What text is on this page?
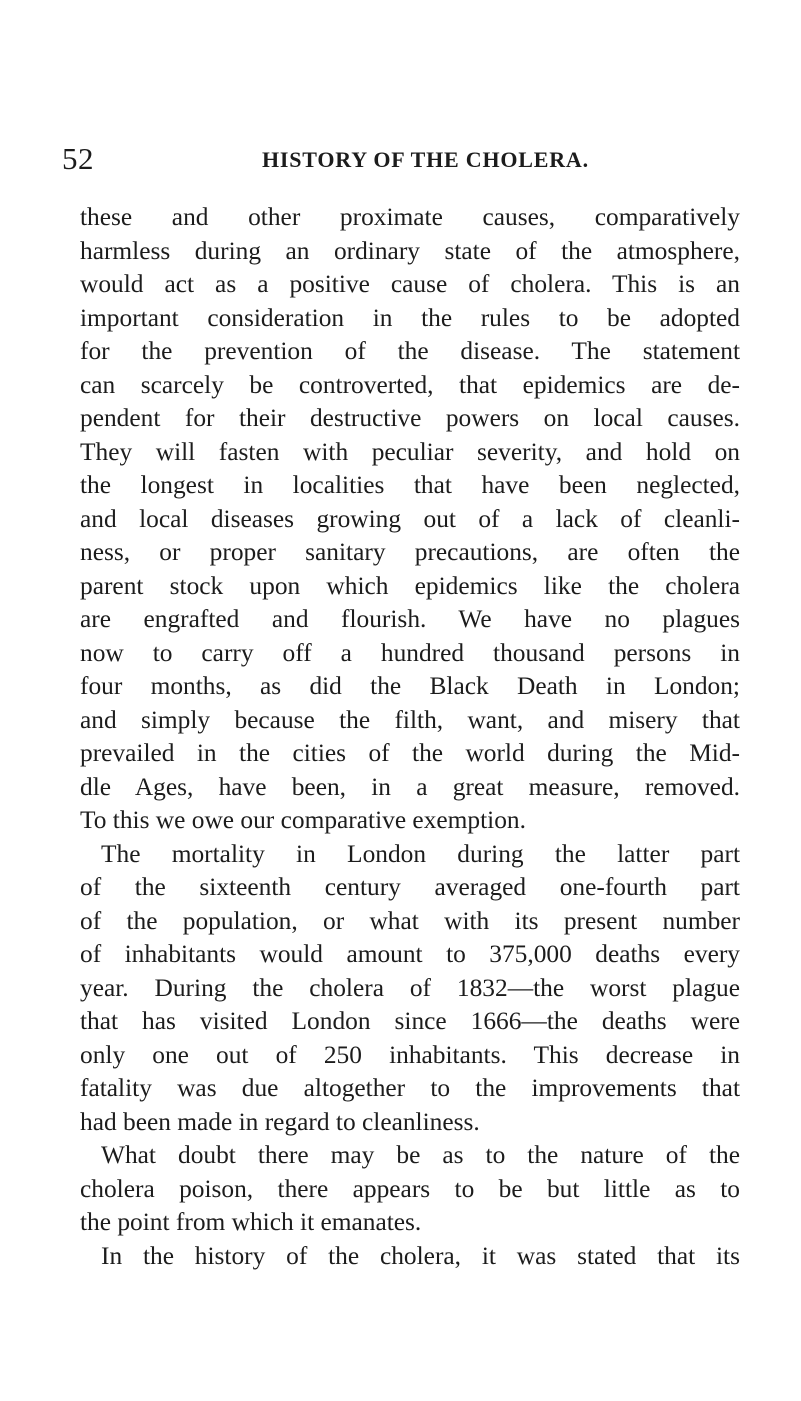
52	HISTORY OF THE CHOLERA.
these and other proximate causes, comparatively
harmless during an ordinary state of the atmosphere,
would act as a positive cause of cholera. This is an
important consideration in the rules to be adopted
for the prevention of the disease. The statement
can scarcely be controverted, that epidemics are de-
pendent for their destructive powers on local causes.
They will fasten with peculiar severity, and hold on
the longest in localities that have been neglected,
and local diseases growing out of a lack of cleanli-
ness, or proper sanitary precautions, are often the
parent stock upon which epidemics like the cholera
are engrafted and flourish. We have no plagues
now to carry off a hundred thousand persons in
four months, as did the Black Death in London;
and simply because the filth, want, and misery that
prevailed in the cities of the world during the Mid-
dle Ages, have been, in a great measure, removed.
To this we owe our comparative exemption.
The mortality in London during the latter part
of the sixteenth century averaged one-fourth part
of the population, or what with its present number
of inhabitants would amount to 375,000 deaths every
year. During the cholera of 1832—the worst plague
that has visited London since 1666—the deaths were
only one out of 250 inhabitants. This decrease in
fatality was due altogether to the improvements that
had been made in regard to cleanliness.
What doubt there may be as to the nature of the
cholera poison, there appears to be but little as to
the point from which it emanates.
In the history of the cholera, it was stated that its
